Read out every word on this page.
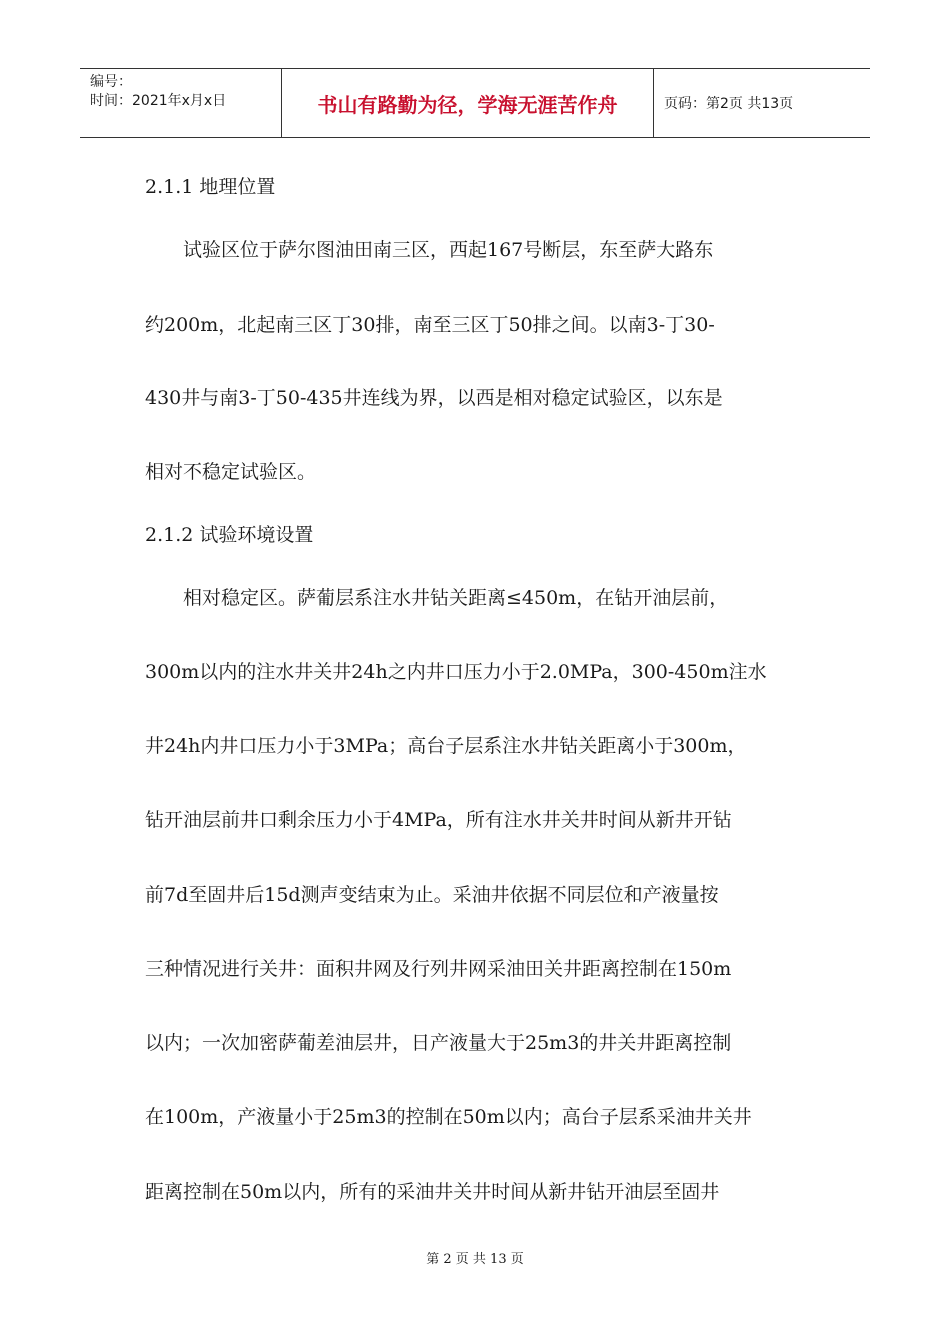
编号：
时间：2021年x月x日	书山有路勤为径，学海无涯苦作舟	页码：第2页 共13页
2.1.1 地理位置
　　试验区位于萨尔图油田南三区，西起167号断层，东至萨大路东
约200m，北起南三区丁30排，南至三区丁50排之间。以南3-丁30-
430井与南3-丁50-435井连线为界，以西是相对稳定试验区，以东是
相对不稳定试验区。
2.1.2 试验环境设置
　　相对稳定区。萨葡层系注水井钻关距离≤450m，在钻开油层前，
300m以内的注水井关井24h之内井口压力小于2.0MPa，300-450m注水
井24h内井口压力小于3MPa；高台子层系注水井钻关距离小于300m，
钻开油层前井口剩余压力小于4MPa，所有注水井关井时间从新井开钻
前7d至固井后15d测声变结束为止。采油井依据不同层位和产液量按
三种情况进行关井：面积井网及行列井网采油田关井距离控制在150m
以内；一次加密萨葡差油层井，日产液量大于25m3的井关井距离控制
在100m，产液量小于25m3的控制在50m以内；高台子层系采油井关井
距离控制在50m以内，所有的采油井关井时间从新井钻开油层至固井
第 2 页 共 13 页
